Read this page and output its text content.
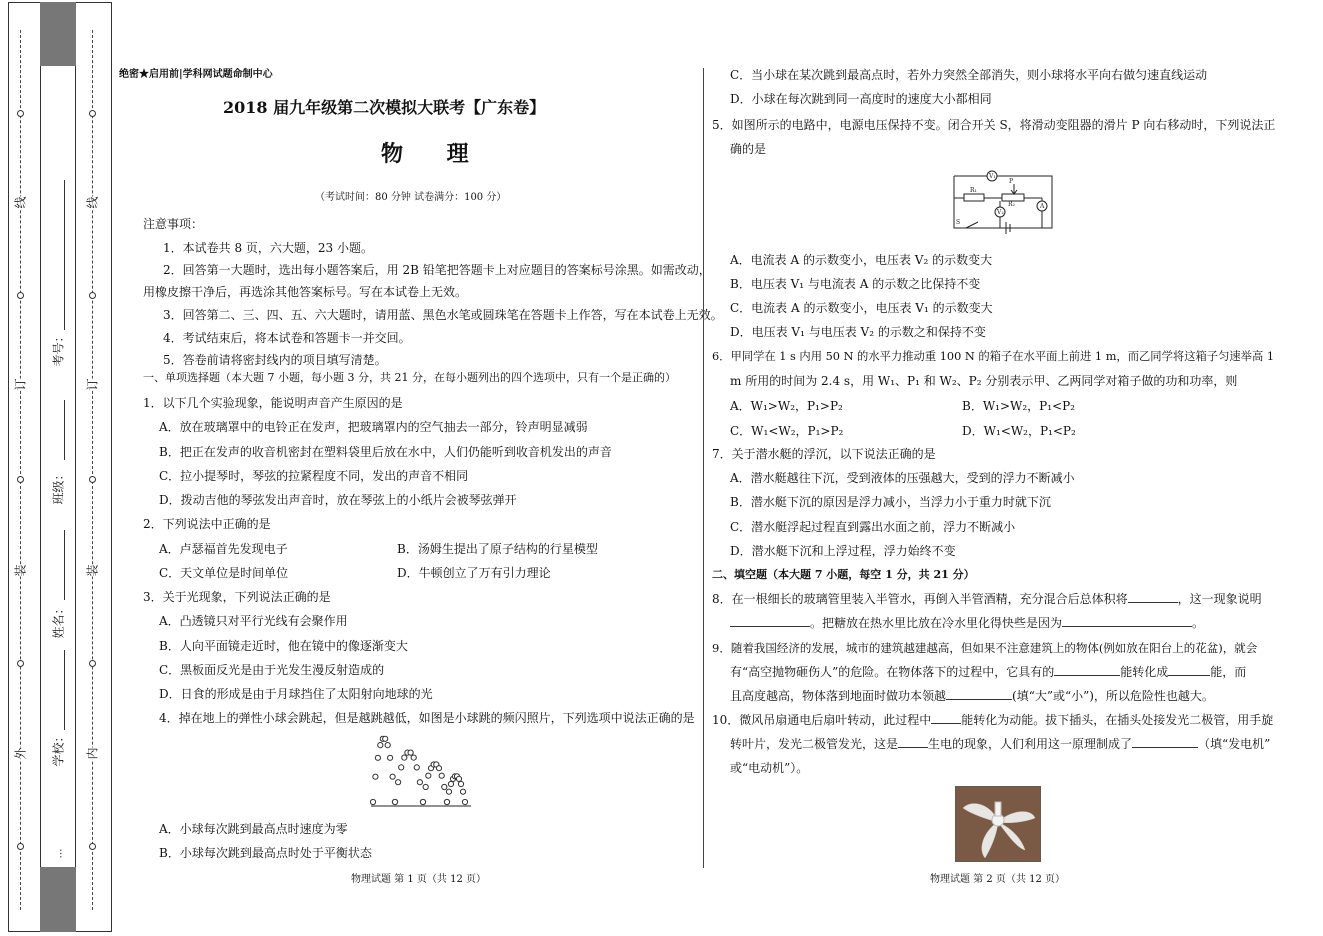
线
订
装
外
线
订
装
内
考号：
班级：
姓名：
学校：
…
绝密★启用前|学科网试题命制中心
2018 届九年级第二次模拟大联考【广东卷】
物 理
（考试时间：80 分钟 试卷满分：100 分）
注意事项：
1．本试卷共 8 页，六大题，23 小题。
2．回答第一大题时，选出每小题答案后，用 2B 铅笔把答题卡上对应题目的答案标号涂黑。如需改动，
用橡皮擦干净后，再选涂其他答案标号。写在本试卷上无效。
3．回答第二、三、四、五、六大题时，请用蓝、黑色水笔或圆珠笔在答题卡上作答，写在本试卷上无效。
4．考试结束后，将本试卷和答题卡一并交回。
5．答卷前请将密封线内的项目填写清楚。
一、单项选择题（本大题 7 小题，每小题 3 分，共 21 分，在每小题列出的四个选项中，只有一个是正确的）
1．以下几个实验现象，能说明声音产生原因的是
A．放在玻璃罩中的电铃正在发声，把玻璃罩内的空气抽去一部分，铃声明显减弱
B．把正在发声的收音机密封在塑料袋里后放在水中，人们仍能听到收音机发出的声音
C．拉小提琴时，琴弦的拉紧程度不同，发出的声音不相同
D．拨动吉他的琴弦发出声音时，放在琴弦上的小纸片会被琴弦弹开
2．下列说法中正确的是
A．卢瑟福首先发现电子	B．汤姆生提出了原子结构的行星模型
C．天文单位是时间单位	D．牛顿创立了万有引力理论
3．关于光现象，下列说法正确的是
A．凸透镜只对平行光线有会聚作用
B．人向平面镜走近时，他在镜中的像逐渐变大
C．黑板面反光是由于光发生漫反射造成的
D．日食的形成是由于月球挡住了太阳射向地球的光
4．掉在地上的弹性小球会跳起，但是越跳越低，如图是小球跳的频闪照片，下列选项中说法正确的是
A．小球每次跳到最高点时速度为零
B．小球每次跳到最高点时处于平衡状态
物理试题 第 1 页（共 12 页）
C．当小球在某次跳到最高点时，若外力突然全部消失，则小球将水平向右做匀速直线运动
D．小球在每次跳到同一高度时的速度大小都相同
5．如图所示的电路中，电源电压保持不变。闭合开关 S，将滑动变阻器的滑片 P 向右移动时，下列说法正
确的是
V₁
V₂
A
R₁
R₂
P
S
A．电流表 A 的示数变小，电压表 V₂ 的示数变大
B．电压表 V₁ 与电流表 A 的示数之比保持不变
C．电流表 A 的示数变小，电压表 V₁ 的示数变大
D．电压表 V₁ 与电压表 V₂ 的示数之和保持不变
6．甲同学在 1 s 内用 50 N 的水平力推动重 100 N 的箱子在水平面上前进 1 m，而乙同学将这箱子匀速举高 1
m 所用的时间为 2.4 s，用 W₁、P₁ 和 W₂、P₂ 分别表示甲、乙两同学对箱子做的功和功率，则
A．W₁>W₂，P₁>P₂	B．W₁>W₂，P₁<P₂
C．W₁<W₂，P₁>P₂	D．W₁<W₂，P₁<P₂
7．关于潜水艇的浮沉，以下说法正确的是
A．潜水艇越往下沉，受到液体的压强越大，受到的浮力不断减小
B．潜水艇下沉的原因是浮力减小，当浮力小于重力时就下沉
C．潜水艇浮起过程直到露出水面之前，浮力不断减小
D．潜水艇下沉和上浮过程，浮力始终不变
二、填空题（本大题 7 小题，每空 1 分，共 21 分）
8．在一根细长的玻璃管里装入半管水，再倒入半管酒精，充分混合后总体积将	，这一现象说明
。把糖放在热水里比放在冷水里化得快些是因为	。
9．随着我国经济的发展，城市的建筑越建越高，但如果不注意建筑上的物体(例如放在阳台上的花盆)，就会
有“高空抛物砸伤人”的危险。在物体落下的过程中，它具有的	能转化成	能，而
且高度越高，物体落到地面时做功本领越	(填“大”或“小”)，所以危险性也越大。
10．微风吊扇通电后扇叶转动，此过程中	能转化为动能。拔下插头，在插头处接发光二极管，用手旋
转叶片，发光二极管发光，这是	生电的现象，人们利用这一原理制成了	（填“发电机”
或“电动机”）。
物理试题 第 2 页（共 12 页）
